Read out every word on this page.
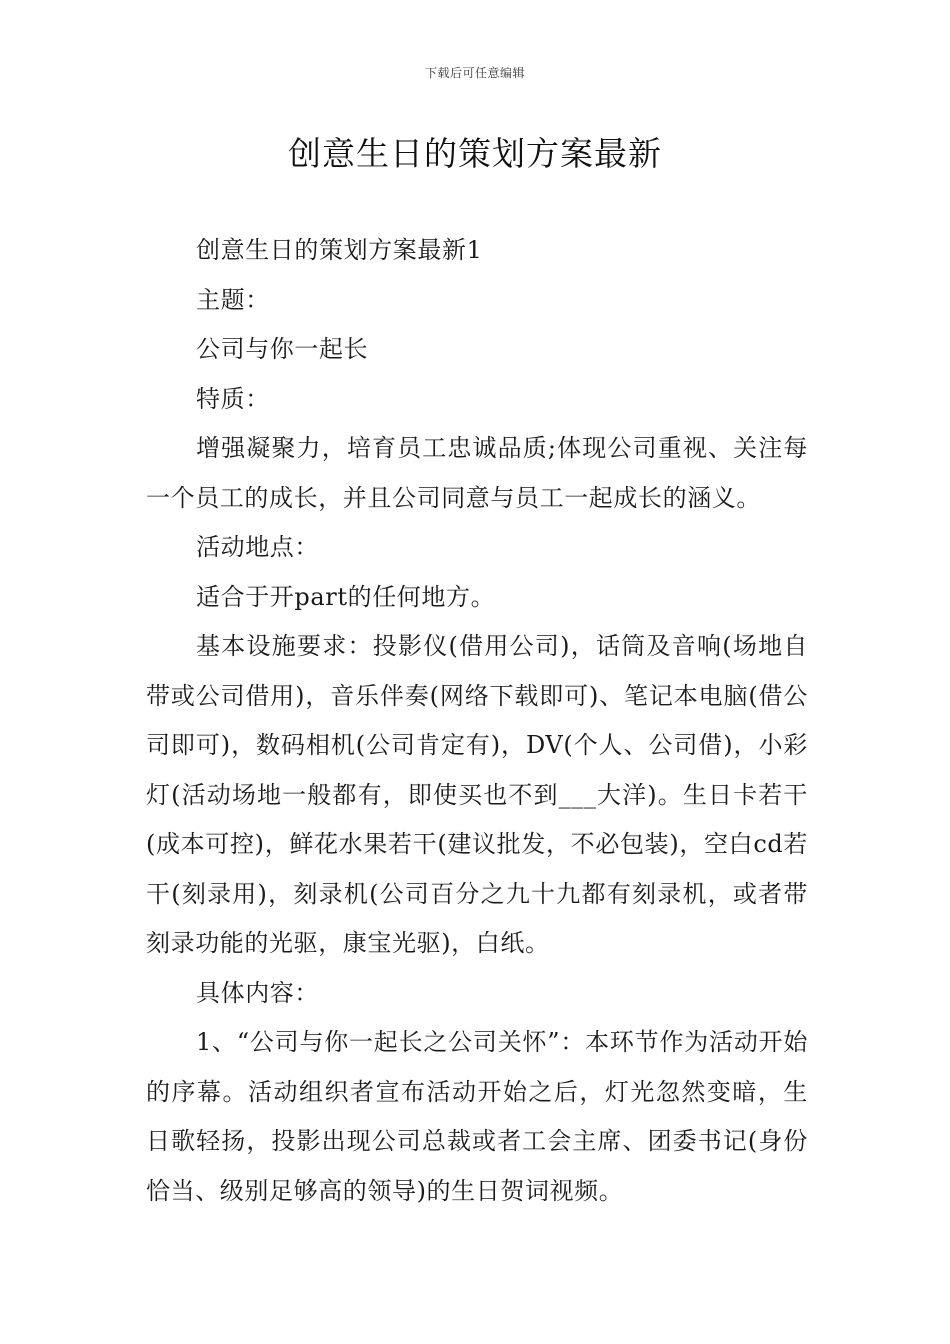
下载后可任意编辑
创意生日的策划方案最新

创意生日的策划方案最新1

主题：

公司与你一起长

特质：

增强凝聚力，培育员工忠诚品质;体现公司重视、关注每一个员工的成长，并且公司同意与员工一起成长的涵义。

活动地点：

适合于开part的任何地方。

基本设施要求：投影仪(借用公司)，话筒及音响(场地自带或公司借用)，音乐伴奏(网络下载即可)、笔记本电脑(借公司即可)，数码相机(公司肯定有)，DV(个人、公司借)，小彩灯(活动场地一般都有，即使买也不到___大洋)。生日卡若干(成本可控)，鲜花水果若干(建议批发，不必包装)，空白cd若干(刻录用)，刻录机(公司百分之九十九都有刻录机，或者带刻录功能的光驱，康宝光驱)，白纸。

具体内容：

1、“公司与你一起长之公司关怀”：本环节作为活动开始的序幕。活动组织者宣布活动开始之后，灯光忽然变暗，生日歌轻扬，投影出现公司总裁或者工会主席、团委书记(身份恰当、级别足够高的领导)的生日贺词视频。
